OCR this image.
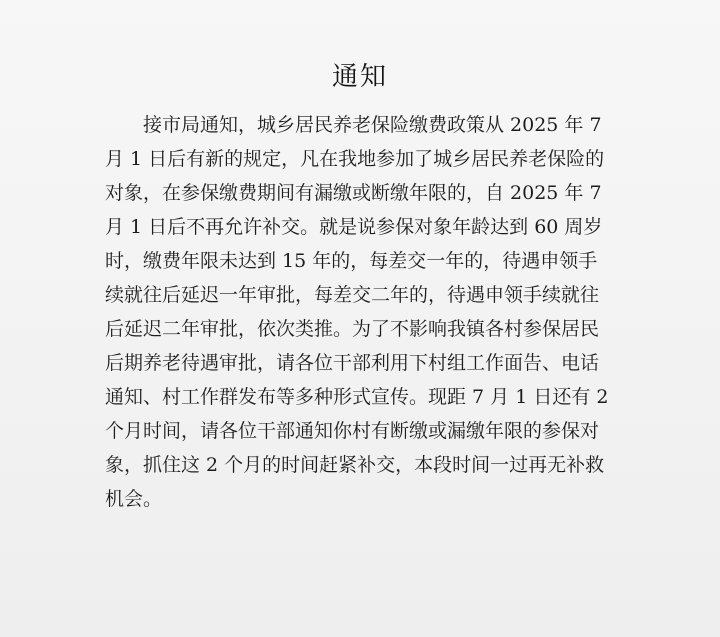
通知
接市局通知，城乡居民养老保险缴费政策从 2025 年 7
月 1 日后有新的规定，凡在我地参加了城乡居民养老保险的
对象，在参保缴费期间有漏缴或断缴年限的，自 2025 年 7
月 1 日后不再允许补交。就是说参保对象年龄达到 60 周岁
时，缴费年限未达到 15 年的，每差交一年的，待遇申领手
续就往后延迟一年审批，每差交二年的，待遇申领手续就往
后延迟二年审批，依次类推。为了不影响我镇各村参保居民
后期养老待遇审批，请各位干部利用下村组工作面告、电话
通知、村工作群发布等多种形式宣传。现距 7 月 1 日还有 2
个月时间，请各位干部通知你村有断缴或漏缴年限的参保对
象，抓住这 2 个月的时间赶紧补交，本段时间一过再无补救
机会。
